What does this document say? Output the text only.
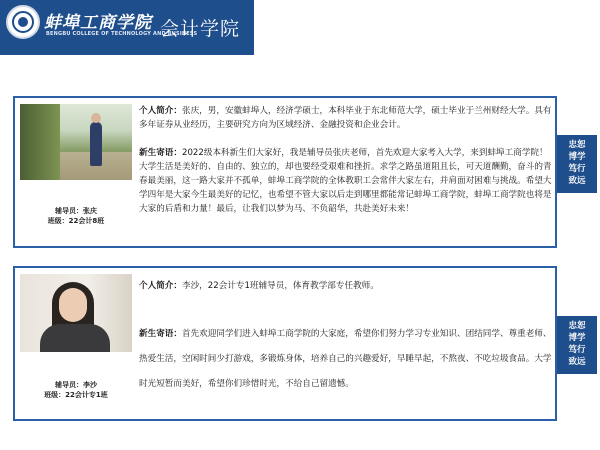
蚌埠工商学院
BENGBU COLLEGE OF TECHNOLOGY AND BUSINESS
会计学院
辅导员：张庆
班级：22会计8班
个人简介：张庆，男，安徽蚌埠人，经济学硕士，本科毕业于东北师范大学，硕士毕业于兰州财经大学。具有多年证券从业经历，主要研究方向为区域经济、金融投资和企业会计。
新生寄语：2022级本科新生们大家好，我是辅导员张庆老师，首先欢迎大家考入大学，来到蚌埠工商学院！大学生活是美好的、自由的、独立的，却也要经受艰难和挫折。求学之路虽道阻且长，可天道酬勤，奋斗的青春最美丽，这一路大家并不孤单，蚌埠工商学院的全体教职工会常伴大家左右，并肩面对困难与挑战。希望大学四年是大家今生最美好的记忆，也希望不管大家以后走到哪里都能常记蚌埠工商学院，蚌埠工商学院也将是大家的后盾和力量！最后，让我们以梦为马、不负韶华，共赴美好未来！
忠恕
博学
笃行
致远
辅导员：李沙
班级：22会计专1班
个人简介：李沙，22会计专1班辅导员，体育教学部专任教师。
新生寄语：首先欢迎同学们进入蚌埠工商学院的大家庭，希望你们努力学习专业知识、团结同学、尊重老师、热爱生活，空闲时间少打游戏，多锻炼身体，培养自己的兴趣爱好，早睡早起，不熬夜、不吃垃圾食品。大学时光短暂而美好，希望你们珍惜时光，不给自己留遗憾。
忠恕
博学
笃行
致远
